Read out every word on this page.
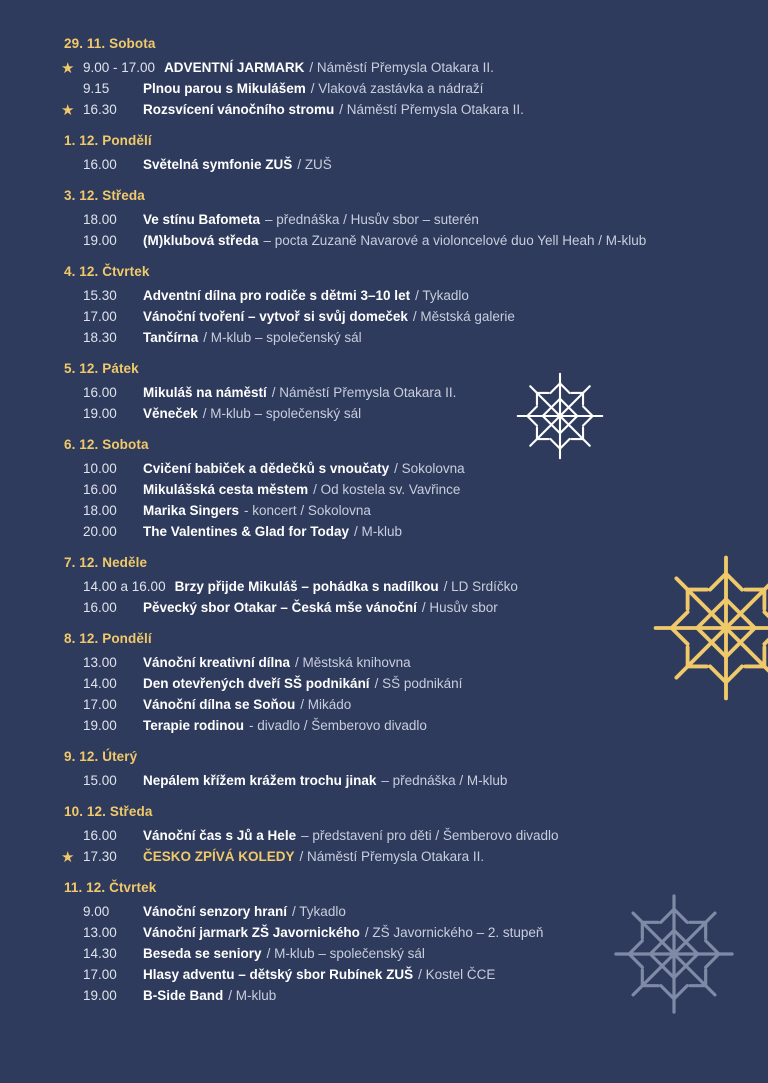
29. 11. Sobota
★ 9.00 - 17.00 ADVENTNÍ JARMARK / Náměstí Přemysla Otakara II.
9.15	Plnou parou s Mikulášem / Vlaková zastávka a nádraží
★ 16.30	Rozsvícení vánočního stromu / Náměstí Přemysla Otakara II.
1. 12. Pondělí
16.00	Světelná symfonie ZUŠ / ZUŠ
3. 12. Středa
18.00	Ve stínu Bafometa – přednáška / Husův sbor – suterén
19.00	(M)klubová středa – pocta Zuzaně Navarové a violoncelové duo Yell Heah / M-klub
4. 12. Čtvrtek
15.30	Adventní dílna pro rodiče s dětmi 3–10 let / Tykadlo
17.00	Vánoční tvoření – vytvoř si svůj domeček / Městská galerie
18.30	Tančírna / M-klub – společenský sál
5. 12. Pátek
16.00	Mikuláš na náměstí / Náměstí Přemysla Otakara II.
19.00	Věneček / M-klub – společenský sál
6. 12. Sobota
10.00	Cvičení babiček a dědečků s vnoučaty / Sokolovna
16.00	Mikulášská cesta městem / Od kostela sv. Vavřince
18.00	Marika Singers - koncert / Sokolovna
20.00	The Valentines & Glad for Today / M-klub
7. 12. Neděle
14.00 a 16.00 Brzy přijde Mikuláš – pohádka s nadílkou / LD Srdíčko
16.00	Pěvecký sbor Otakar – Česká mše vánoční / Husův sbor
8. 12. Pondělí
13.00	Vánoční kreativní dílna / Městská knihovna
14.00	Den otevřených dveří SŠ podnikání / SŠ podnikání
17.00	Vánoční dílna se Soňou / Mikádo
19.00	Terapie rodinou - divadlo / Šemberovo divadlo
9. 12. Úterý
15.00	Nepálem křížem krážem trochu jinak – přednáška / M-klub
10. 12. Středa
16.00	Vánoční čas s Jů a Hele – představení pro děti / Šemberovo divadlo
★ 17.30	ČESKO ZPÍVÁ KOLEDY / Náměstí Přemysla Otakara II.
11. 12. Čtvrtek
9.00	Vánoční senzory hraní / Tykadlo
13.00	Vánoční jarmark ZŠ Javornického / ZŠ Javornického – 2. stupeň
14.30	Beseda se seniory / M-klub – společenský sál
17.00	Hlasy adventu – dětský sbor Rubínek ZUŠ / Kostel ČCE
19.00	B-Side Band / M-klub
